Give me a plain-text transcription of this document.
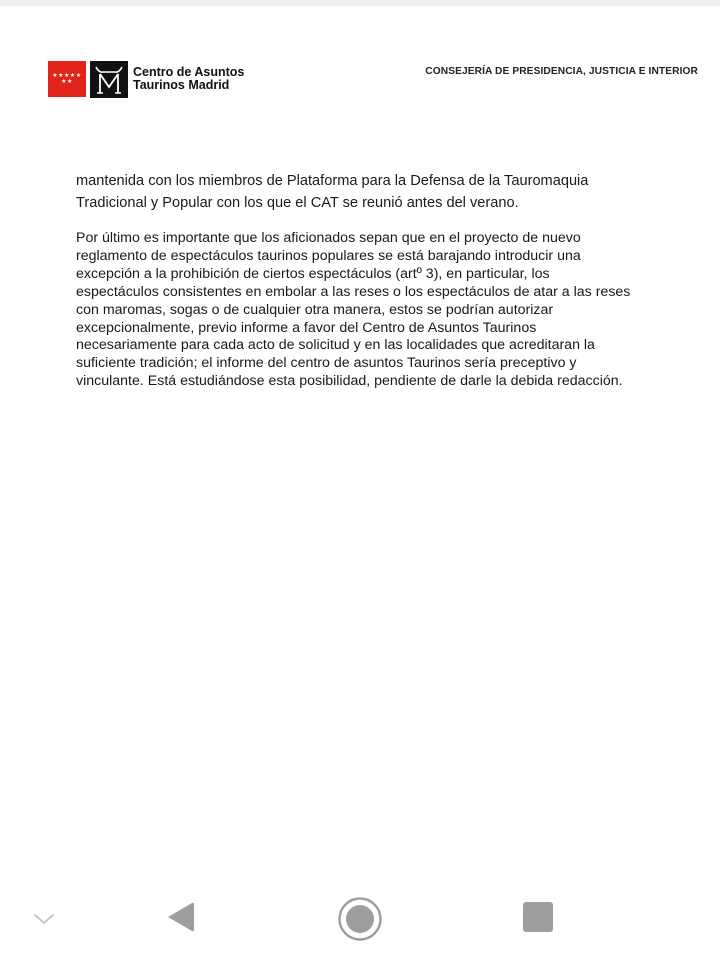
★★★★★ ★★
Centro de Asuntos
Taurinos Madrid
CONSEJERÍA DE PRESIDENCIA, JUSTICIA E INTERIOR

mantenida con los miembros de Plataforma para la Defensa de la Tauromaquia Tradicional y Popular con los que el CAT se reunió antes del verano.

Por último es importante que los aficionados sepan que en el proyecto de nuevo reglamento de espectáculos taurinos populares se está barajando introducir una excepción a la prohibición de ciertos espectáculos (artº 3), en particular, los espectáculos consistentes en embolar a las reses o los espectáculos de atar a las reses con maromas, sogas o de cualquier otra manera, estos se podrían autorizar excepcionalmente, previo informe a favor del Centro de Asuntos Taurinos necesariamente para cada acto de solicitud y en las localidades que acreditaran la suficiente tradición; el informe del centro de asuntos Taurinos sería preceptivo y vinculante. Está estudiándose esta posibilidad, pendiente de darle la debida redacción.
